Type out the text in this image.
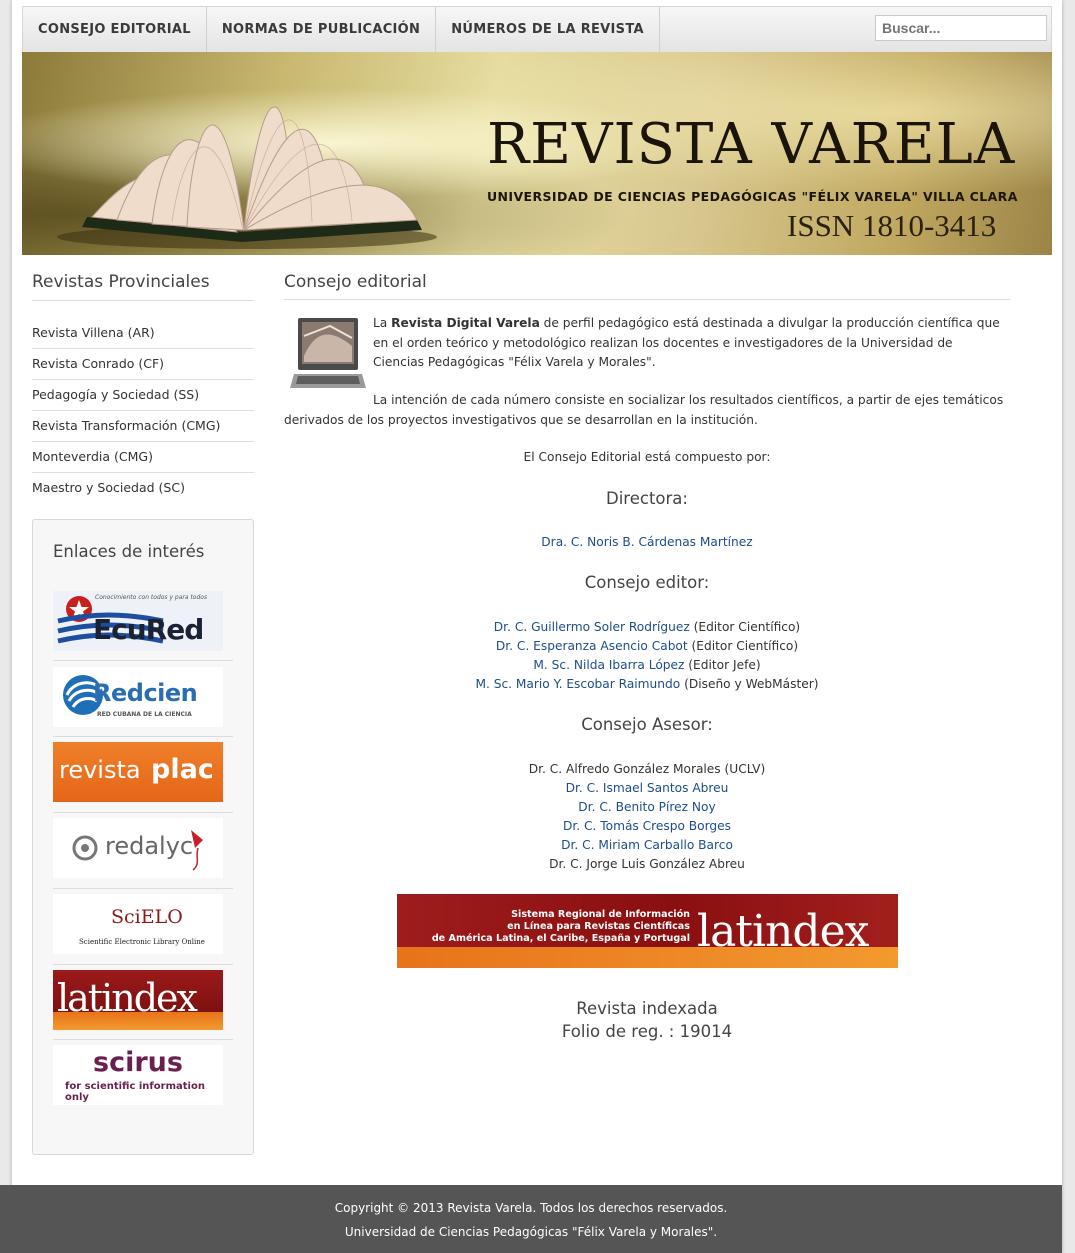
CONSEJO EDITORIAL	NORMAS DE PUBLICACIÓN	NÚMEROS DE LA REVISTA
Buscar...
REVISTA VARELA
UNIVERSIDAD DE CIENCIAS PEDAGÓGICAS "FÉLIX VARELA" VILLA CLARA
ISSN 1810-3413
Revistas Provinciales
Revista Villena (AR)
Revista Conrado (CF)
Pedagogía y Sociedad (SS)
Revista Transformación (CMG)
Monteverdia (CMG)
Maestro y Sociedad (SC)
Enlaces de interés
Conocimiento con todos y para todos
EcuRed
Redcien
RED CUBANA DE LA CIENCIA
revista plac
redalyc
SciELO
Scientific Electronic Library Online
latindex
scirus
for scientific information only
Consejo editorial
La Revista Digital Varela de perfil pedagógico está destinada a divulgar la producción científica que en el orden teórico y metodológico realizan los docentes e investigadores de la Universidad de Ciencias Pedagógicas "Félix Varela y Morales".
La intención de cada número consiste en socializar los resultados científicos, a partir de ejes temáticos derivados de los proyectos investigativos que se desarrollan en la institución.
El Consejo Editorial está compuesto por:
Directora:
Dra. C. Noris B. Cárdenas Martínez
Consejo editor:
Dr. C. Guillermo Soler Rodríguez (Editor Científico)
Dr. C. Esperanza Asencio Cabot (Editor Científico)
M. Sc. Nilda Ibarra López (Editor Jefe)
M. Sc. Mario Y. Escobar Raimundo (Diseño y WebMáster)
Consejo Asesor:
Dr. C. Alfredo González Morales (UCLV)
Dr. C. Ismael Santos Abreu
Dr. C. Benito Pírez Noy
Dr. C. Tomás Crespo Borges
Dr. C. Miriam Carballo Barco
Dr. C. Jorge Luis González Abreu
Sistema Regional de Información
en Línea para Revistas Científicas
de América Latina, el Caribe, España y Portugal latindex
Revista indexada
Folio de reg. : 19014
Copyright © 2013 Revista Varela. Todos los derechos reservados.
Universidad de Ciencias Pedagógicas "Félix Varela y Morales".
